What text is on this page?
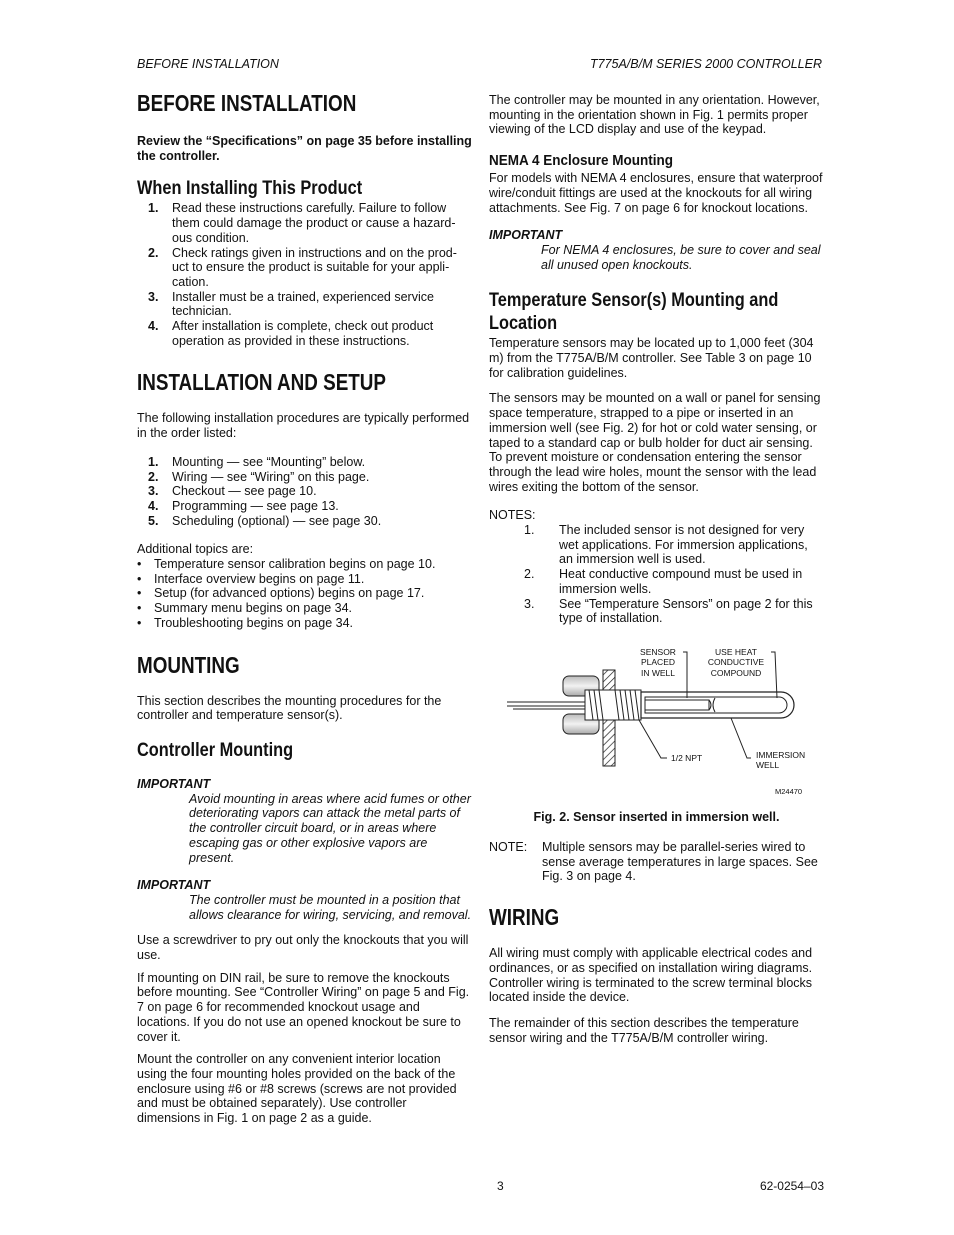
BEFORE INSTALLATION	T775A/B/M SERIES 2000 CONTROLLER
BEFORE INSTALLATION

Review the “Specifications” on page 35 before installing the controller.

When Installing This Product
1. Read these instructions carefully. Failure to follow them could damage the product or cause a hazard-ous condition.
2. Check ratings given in instructions and on the prod-uct to ensure the product is suitable for your appli-cation.
3. Installer must be a trained, experienced service technician.
4. After installation is complete, check out product operation as provided in these instructions.
INSTALLATION AND SETUP

The following installation procedures are typically performed in the order listed:

1. Mounting — see “Mounting” below.
2. Wiring — see “Wiring” on this page.
3. Checkout — see page 10.
4. Programming — see page 13.
5. Scheduling (optional) — see page 30.

Additional topics are:

• Temperature sensor calibration begins on page 10.
• Interface overview begins on page 11.
• Setup (for advanced options) begins on page 17.
• Summary menu begins on page 34.
• Troubleshooting begins on page 34.
MOUNTING

This section describes the mounting procedures for the controller and temperature sensor(s).

Controller Mounting
IMPORTANT
Avoid mounting in areas where acid fumes or other deteriorating vapors can attack the metal parts of the controller circuit board, or in areas where escaping gas or other explosive vapors are present.
IMPORTANT
The controller must be mounted in a position that allows clearance for wiring, servicing, and removal.

Use a screwdriver to pry out only the knockouts that you will use.

If mounting on DIN rail, be sure to remove the knockouts before mounting. See “Controller Wiring” on page 5 and Fig. 7 on page 6 for recommended knockout usage and locations. If you do not use an opened knockout be sure to cover it.

Mount the controller on any convenient interior location using the four mounting holes provided on the back of the enclosure using #6 or #8 screws (screws are not provided and must be obtained separately). Use controller dimensions in Fig. 1 on page 2 as a guide.

The controller may be mounted in any orientation. However, mounting in the orientation shown in Fig. 1 permits proper viewing of the LCD display and use of the keypad.

NEMA 4 Enclosure Mounting

For models with NEMA 4 enclosures, ensure that waterproof wire/conduit fittings are used at the knockouts for all wiring attachments. See Fig. 7 on page 6 for knockout locations.

IMPORTANT
For NEMA 4 enclosures, be sure to cover and seal all unused open knockouts.
Temperature Sensor(s) Mounting and Location

Temperature sensors may be located up to 1,000 feet (304 m) from the T775A/B/M controller. See Table 3 on page 10 for calibration guidelines.

The sensors may be mounted on a wall or panel for sensing space temperature, strapped to a pipe or inserted in an immersion well (see Fig. 2) for hot or cold water sensing, or taped to a standard cap or bulb holder for duct air sensing. To prevent moisture or condensation entering the sensor through the lead wire holes, mount the sensor with the lead wires exiting the bottom of the sensor.

NOTES:

1. The included sensor is not designed for very wet applications. For immersion applications, an immersion well is used.
2. Heat conductive compound must be used in immersion wells.
3. See “Temperature Sensors” on page 2 for this type of installation.
SENSOR
PLACED
IN WELL
USE HEAT
CONDUCTIVE
COMPOUND
1/2 NPT	IMMERSION
WELL
M24470
Fig. 2. Sensor inserted in immersion well.
NOTE:	Multiple sensors may be parallel-series wired to sense average temperatures in large spaces. See Fig. 3 on page 4.
WIRING

All wiring must comply with applicable electrical codes and ordinances, or as specified on installation wiring diagrams. Controller wiring is terminated to the screw terminal blocks located inside the device.

The remainder of this section describes the temperature sensor wiring and the T775A/B/M controller wiring.

3	62-0254–03
